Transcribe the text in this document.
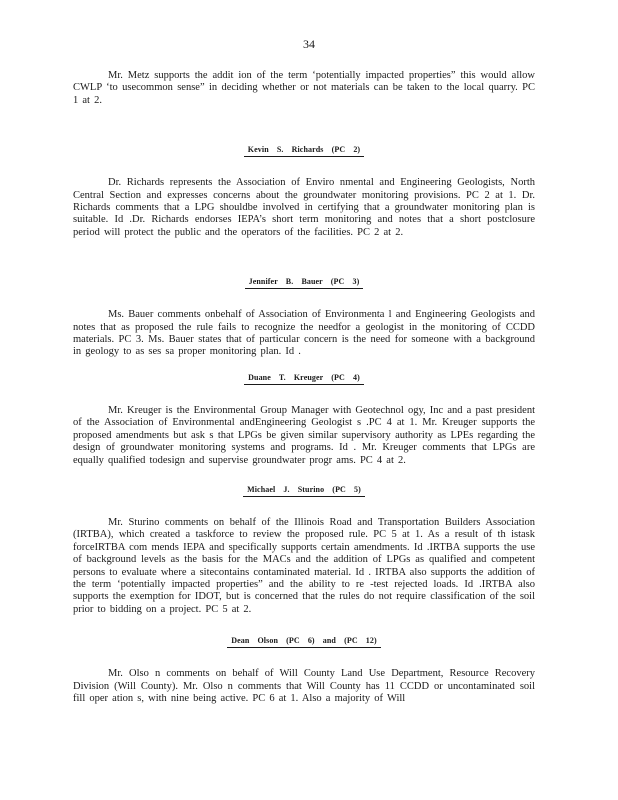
34

Mr. Metz supports the addit ion of the term ‘potentially impacted properties” this would allow CWLP ‘to usecommon sense” in deciding whether or not materials can be taken to the local quarry. PC 1 at 2.

Kevin S. Richards (PC 2)

Dr. Richards represents the Association of Enviro nmental and Engineering Geologists, North Central Section and expresses concerns about the groundwater monitoring provisions. PC 2 at 1. Dr. Richards comments that a LPG shouldbe involved in certifying that a groundwater monitoring plan is suitable. Id .Dr. Richards endorses IEPA’s short term monitoring and notes that a short postclosure period will protect the public and the operators of the facilities. PC 2 at 2.

Jennifer B. Bauer (PC 3)

Ms. Bauer comments onbehalf of Association of Environmenta l and Engineering Geologists and notes that as proposed the rule fails to recognize the needfor a geologist in the monitoring of CCDD materials. PC 3. Ms. Bauer states that of particular concern is the need for someone with a background in geology to as ses sa proper monitoring plan. Id .

Duane T. Kreuger (PC 4)

Mr. Kreuger is the Environmental Group Manager with Geotechnol ogy, Inc and a past president of the Association of Environmental andEngineering Geologist s .PC 4 at 1. Mr. Kreuger supports the proposed amendments but ask s that LPGs be given similar supervisory authority as LPEs regarding the design of groundwater monitoring systems and programs. Id . Mr. Kreuger comments that LPGs are equally qualified todesign and supervise groundwater progr ams. PC 4 at 2.

Michael J. Sturino (PC 5)

Mr. Sturino comments on behalf of the Illinois Road and Transportation Builders Association (IRTBA), which created a taskforce to review the proposed rule. PC 5 at 1. As a result of th istask forceIRTBA com mends IEPA and specifically supports certain amendments. Id .IRTBA supports the use of background levels as the basis for the MACs and the addition of LPGs as qualified and competent persons to evaluate where a sitecontains contaminated material. Id . IRTBA also supports the addition of the term ‘potentially impacted properties” and the ability to re -test rejected loads. Id .IRTBA also supports the exemption for IDOT, but is concerned that the rules do not require classification of the soil prior to bidding on a project. PC 5 at 2.

Dean Olson (PC 6) and (PC 12)

Mr. Olso n comments on behalf of Will County Land Use Department, Resource Recovery Division (Will County). Mr. Olso n comments that Will County has 11 CCDD or uncontaminated soil fill oper ation s, with nine being active. PC 6 at 1. Also a majority of Will
